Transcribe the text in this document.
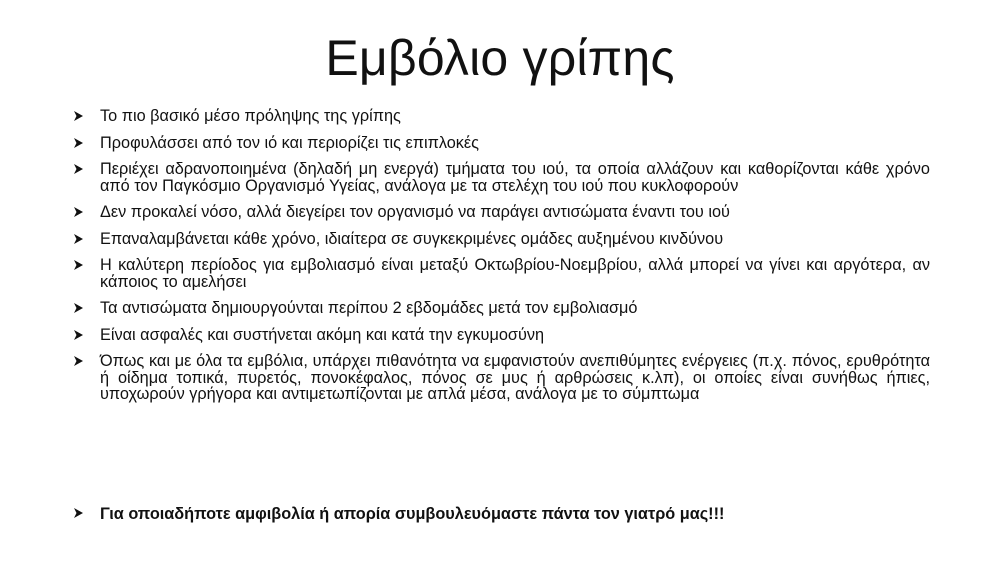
Εμβόλιο γρίπης
Το πιο βασικό μέσο πρόληψης της γρίπης
Προφυλάσσει από τον ιό και περιορίζει τις επιπλοκές
Περιέχει αδρανοποιημένα (δηλαδή μη ενεργά) τμήματα του ιού, τα οποία αλλάζουν και καθορίζονται κάθε χρόνο από τον Παγκόσμιο Οργανισμό Υγείας, ανάλογα με τα στελέχη του ιού που κυκλοφορούν
Δεν προκαλεί νόσο, αλλά διεγείρει τον οργανισμό να παράγει αντισώματα έναντι του ιού
Επαναλαμβάνεται κάθε χρόνο, ιδιαίτερα σε συγκεκριμένες ομάδες αυξημένου κινδύνου
Η καλύτερη περίοδος για εμβολιασμό είναι μεταξύ Οκτωβρίου-Νοεμβρίου, αλλά μπορεί να γίνει και αργότερα, αν κάποιος το αμελήσει
Τα αντισώματα δημιουργούνται περίπου 2 εβδομάδες μετά τον εμβολιασμό
Είναι ασφαλές και συστήνεται ακόμη και κατά την εγκυμοσύνη
Όπως και με όλα τα εμβόλια, υπάρχει πιθανότητα να εμφανιστούν ανεπιθύμητες ενέργειες (π.χ. πόνος, ερυθρότητα ή οίδημα τοπικά, πυρετός, πονοκέφαλος, πόνος σε μυς ή αρθρώσεις κ.λπ), οι οποίες είναι συνήθως ήπιες, υποχωρούν γρήγορα και αντιμετωπίζονται με απλά μέσα, ανάλογα με το σύμπτωμα
Για οποιαδήποτε αμφιβολία ή απορία συμβουλευόμαστε πάντα τον γιατρό μας!!!
